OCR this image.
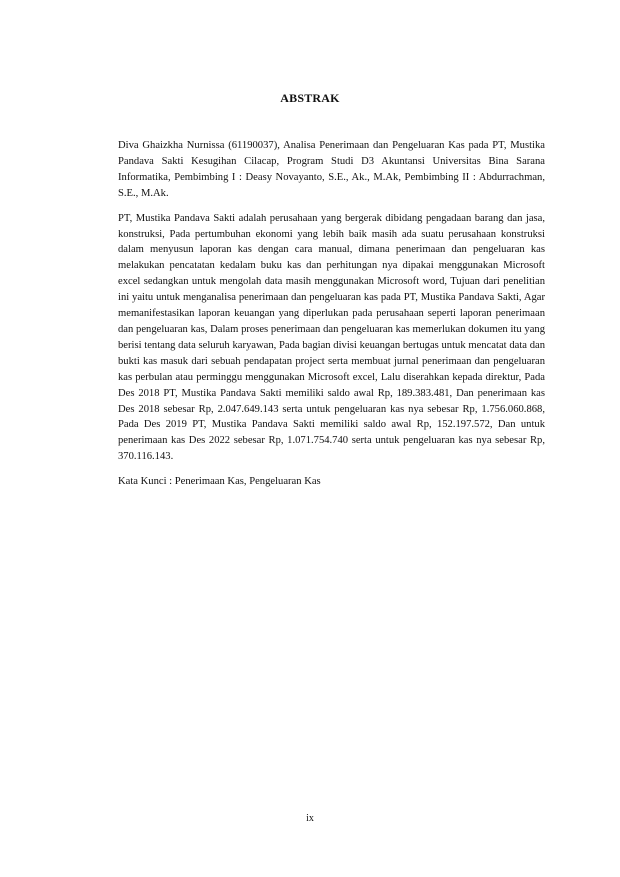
ABSTRAK

Diva Ghaizkha Nurnissa (61190037), Analisa Penerimaan dan Pengeluaran Kas pada PT, Mustika Pandava Sakti Kesugihan Cilacap, Program Studi D3 Akuntansi Universitas Bina Sarana Informatika, Pembimbing I : Deasy Novayanto, S.E., Ak., M.Ak, Pembimbing II : Abdurrachman, S.E., M.Ak.

PT, Mustika Pandava Sakti adalah perusahaan yang bergerak dibidang pengadaan barang dan jasa, konstruksi, Pada pertumbuhan ekonomi yang lebih baik masih ada suatu perusahaan konstruksi dalam menyusun laporan kas dengan cara manual, dimana penerimaan dan pengeluaran kas melakukan pencatatan kedalam buku kas dan perhitungan nya dipakai menggunakan Microsoft excel sedangkan untuk mengolah data masih menggunakan Microsoft word, Tujuan dari penelitian ini yaitu untuk menganalisa penerimaan dan pengeluaran kas pada PT, Mustika Pandava Sakti, Agar memanifestasikan laporan keuangan yang diperlukan pada perusahaan seperti laporan penerimaan dan pengeluaran kas, Dalam proses penerimaan dan pengeluaran kas memerlukan dokumen itu yang berisi tentang data seluruh karyawan, Pada bagian divisi keuangan bertugas untuk mencatat data dan bukti kas masuk dari sebuah pendapatan project serta membuat jurnal penerimaan dan pengeluaran kas perbulan atau perminggu menggunakan Microsoft excel, Lalu diserahkan kepada direktur, Pada Des 2018 PT, Mustika Pandava Sakti memiliki saldo awal Rp, 189.383.481, Dan penerimaan kas Des 2018 sebesar Rp, 2.047.649.143 serta untuk pengeluaran kas nya sebesar Rp, 1.756.060.868, Pada Des 2019 PT, Mustika Pandava Sakti memiliki saldo awal Rp, 152.197.572, Dan untuk penerimaan kas Des 2022 sebesar Rp, 1.071.754.740 serta untuk pengeluaran kas nya sebesar Rp, 370.116.143.

Kata Kunci : Penerimaan Kas, Pengeluaran Kas

ix
